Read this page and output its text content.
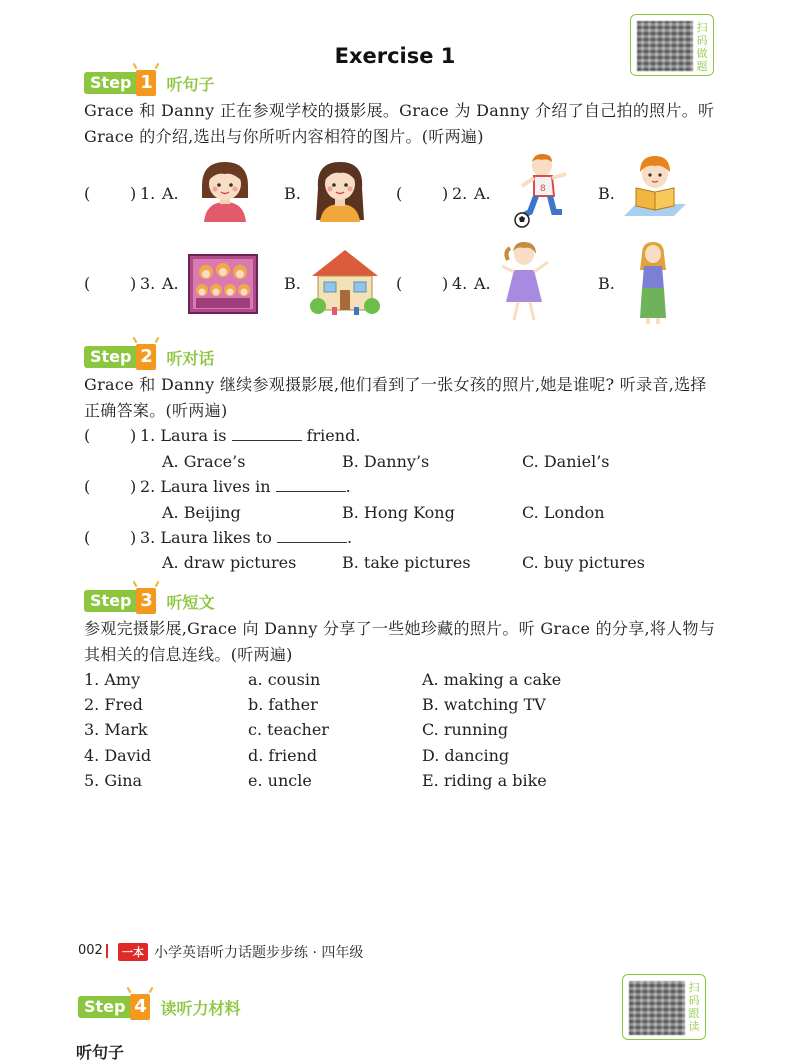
Exercise 1
扫码做题
Step 1 听句子
Grace 和 Danny 正在参观学校的摄影展。Grace 为 Danny 介绍了自己拍的照片。听 Grace 的介绍,选出与你所听内容相符的图片。(听两遍)
( ) 1. A.	B.	( ) 2. A.	B.
( ) 3. A.	B.	( ) 4. A.	B.
8
Step 2 听对话
Grace 和 Danny 继续参观摄影展,他们看到了一张女孩的照片,她是谁呢? 听录音,选择正确答案。(听两遍)
( ) 1. Laura is	friend.
A. Grace’s	B. Danny’s	C. Daniel’s
( ) 2. Laura lives in	.
A. Beijing	B. Hong Kong	C. London
( ) 3. Laura likes to	.
A. draw pictures	B. take pictures	C. buy pictures
Step 3 听短文
参观完摄影展,Grace 向 Danny 分享了一些她珍藏的照片。听 Grace 的分享,将人物与其相关的信息连线。(听两遍)
1. Amy	a. cousin	A. making a cake
2. Fred	b. father	B. watching TV
3. Mark	c. teacher	C. running
4. David	d. friend	D. dancing
5. Gina	e. uncle	E. riding a bike
002	一本 小学英语听力话题步步练 · 四年级
Step 4 读听力材料
扫码跟读
听句子
